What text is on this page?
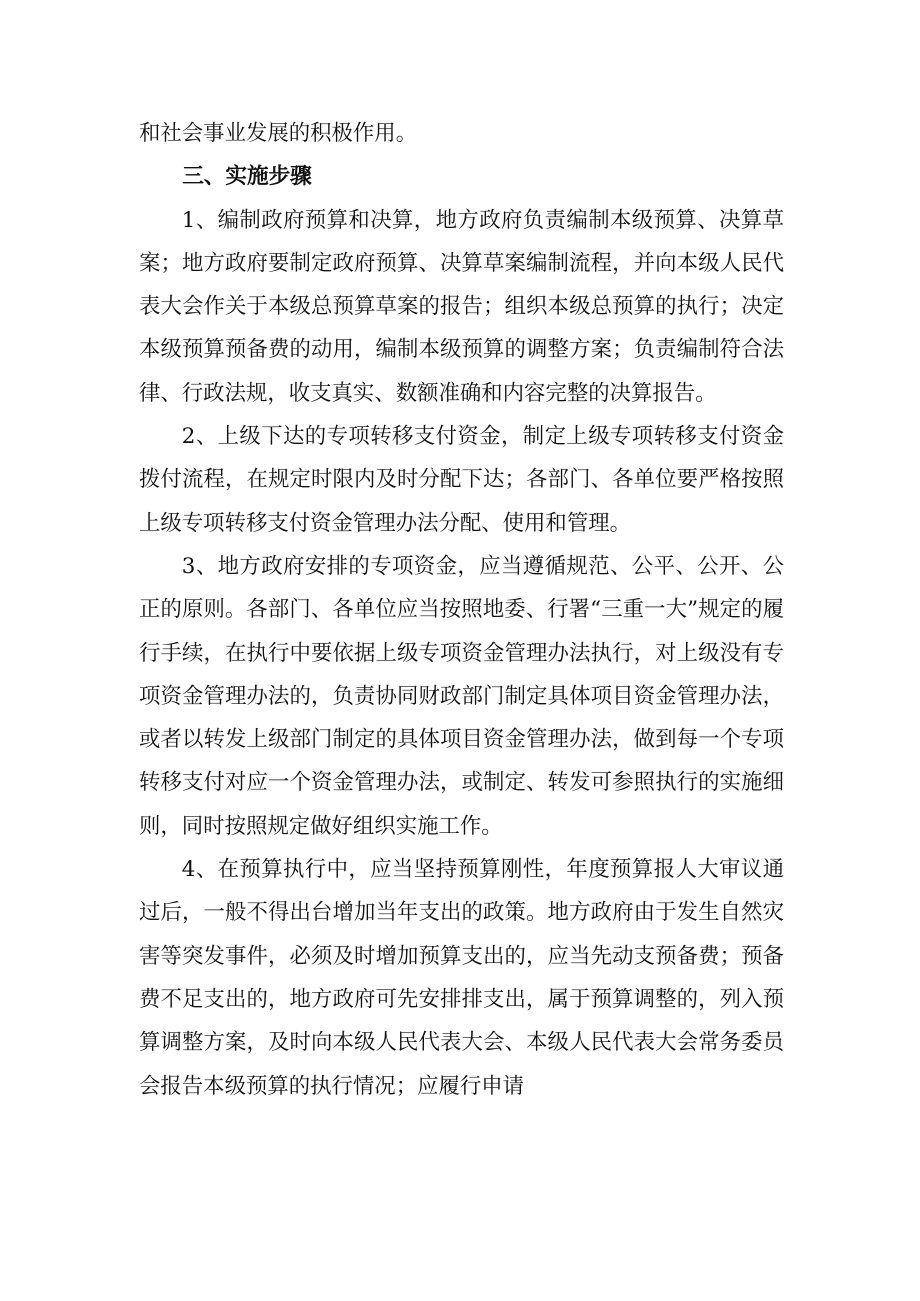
和社会事业发展的积极作用。

三、实施步骤

1、编制政府预算和决算，地方政府负责编制本级预算、决算草案；地方政府要制定政府预算、决算草案编制流程，并向本级人民代表大会作关于本级总预算草案的报告；组织本级总预算的执行；决定本级预算预备费的动用，编制本级预算的调整方案；负责编制符合法律、行政法规，收支真实、数额准确和内容完整的决算报告。

2、上级下达的专项转移支付资金，制定上级专项转移支付资金拨付流程，在规定时限内及时分配下达；各部门、各单位要严格按照上级专项转移支付资金管理办法分配、使用和管理。

3、地方政府安排的专项资金，应当遵循规范、公平、公开、公正的原则。各部门、各单位应当按照地委、行署“三重一大”规定的履行手续，在执行中要依据上级专项资金管理办法执行，对上级没有专项资金管理办法的，负责协同财政部门制定具体项目资金管理办法，或者以转发上级部门制定的具体项目资金管理办法，做到每一个专项转移支付对应一个资金管理办法，或制定、转发可参照执行的实施细则，同时按照规定做好组织实施工作。

4、在预算执行中，应当坚持预算刚性，年度预算报人大审议通过后，一般不得出台增加当年支出的政策。地方政府由于发生自然灾害等突发事件，必须及时增加预算支出的，应当先动支预备费；预备费不足支出的，地方政府可先安排排支出，属于预算调整的，列入预算调整方案，及时向本级人民代表大会、本级人民代表大会常务委员会报告本级预算的执行情况；应履行申请
